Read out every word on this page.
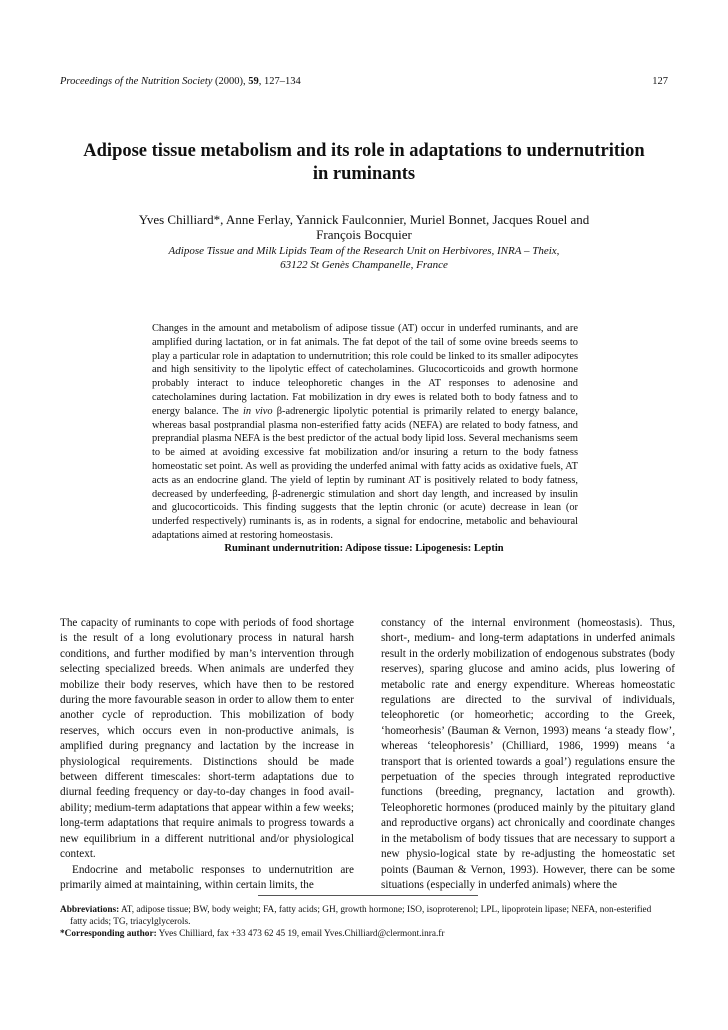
Proceedings of the Nutrition Society (2000), 59, 127–134	127
Adipose tissue metabolism and its role in adaptations to undernutrition
in ruminants
Yves Chilliard*, Anne Ferlay, Yannick Faulconnier, Muriel Bonnet, Jacques Rouel and
François Bocquier
Adipose Tissue and Milk Lipids Team of the Research Unit on Herbivores, INRA – Theix,
63122 St Genès Champanelle, France
Changes in the amount and metabolism of adipose tissue (AT) occur in underfed ruminants, and are amplified during lactation, or in fat animals. The fat depot of the tail of some ovine breeds seems to play a particular role in adaptation to undernutrition; this role could be linked to its smaller adipocytes and high sensitivity to the lipolytic effect of catecholamines. Glucocorticoids and growth hormone probably interact to induce teleophoretic changes in the AT responses to adenosine and catecholamines during lactation. Fat mobilization in dry ewes is related both to body fatness and to energy balance. The in vivo β-adrenergic lipolytic potential is primarily related to energy balance, whereas basal postprandial plasma non-esterified fatty acids (NEFA) are related to body fatness, and preprandial plasma NEFA is the best predictor of the actual body lipid loss. Several mechanisms seem to be aimed at avoiding excessive fat mobilization and/or insuring a return to the body fatness homeostatic set point. As well as providing the underfed animal with fatty acids as oxidative fuels, AT acts as an endocrine gland. The yield of leptin by ruminant AT is positively related to body fatness, decreased by underfeeding, β-adrenergic stimulation and short day length, and increased by insulin and glucocorticoids. This finding suggests that the leptin chronic (or acute) decrease in lean (or underfed respectively) ruminants is, as in rodents, a signal for endocrine, metabolic and behavioural adaptations aimed at restoring homeostasis.
Ruminant undernutrition: Adipose tissue: Lipogenesis: Leptin

The capacity of ruminants to cope with periods of food shortage is the result of a long evolutionary process in natural harsh conditions, and further modified by man’s intervention through selecting specialized breeds. When animals are underfed they mobilize their body reserves, which have then to be restored during the more favourable season in order to allow them to enter another cycle of reproduction. This mobilization of body reserves, which occurs even in non-productive animals, is amplified during pregnancy and lactation by the increase in physiological requirements. Distinctions should be made between different timescales: short-term adaptations due to diurnal feeding frequency or day-to-day changes in food avail-ability; medium-term adaptations that appear within a few weeks; long-term adaptations that require animals to progress towards a new equilibrium in a different nutritional and/or physiological context.

Endocrine and metabolic responses to undernutrition are primarily aimed at maintaining, within certain limits, the

constancy of the internal environment (homeostasis). Thus, short-, medium- and long-term adaptations in underfed animals result in the orderly mobilization of endogenous substrates (body reserves), sparing glucose and amino acids, plus lowering of metabolic rate and energy expenditure. Whereas homeostatic regulations are directed to the survival of individuals, teleophoretic (or homeorhetic; according to the Greek, ‘homeorhesis’ (Bauman & Vernon, 1993) means ‘a steady flow’, whereas ‘teleophoresis’ (Chilliard, 1986, 1999) means ‘a transport that is oriented towards a goal’) regulations ensure the perpetuation of the species through integrated reproductive functions (breeding, pregnancy, lactation and growth). Teleophoretic hormones (produced mainly by the pituitary gland and reproductive organs) act chronically and coordinate changes in the metabolism of body tissues that are necessary to support a new physio-logical state by re-adjusting the homeostatic set points (Bauman & Vernon, 1993). However, there can be some situations (especially in underfed animals) where the

Abbreviations: AT, adipose tissue; BW, body weight; FA, fatty acids; GH, growth hormone; ISO, isoproterenol; LPL, lipoprotein lipase; NEFA, non-esterified
fatty acids; TG, triacylglycerols.
*Corresponding author: Yves Chilliard, fax +33 473 62 45 19, email Yves.Chilliard@clermont.inra.fr
